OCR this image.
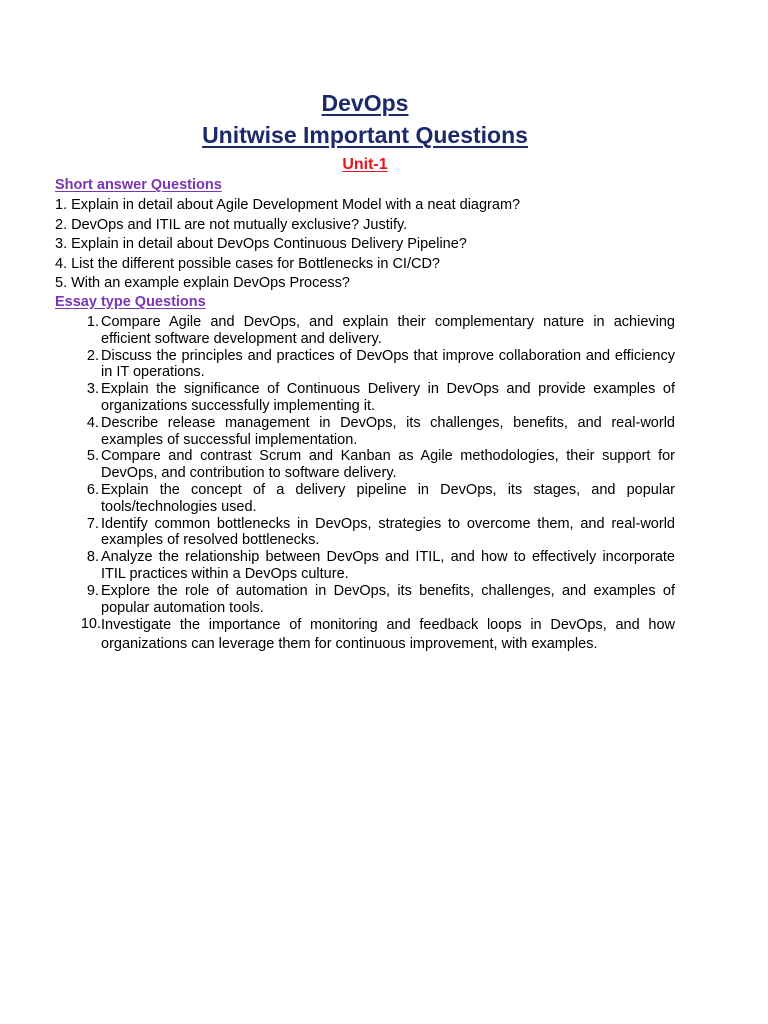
DevOps
Unitwise Important Questions
Unit-1
Short answer Questions
1. Explain in detail about Agile Development Model with a neat diagram?
2. DevOps and ITIL are not mutually exclusive? Justify.
3. Explain in detail about DevOps Continuous Delivery Pipeline?
4. List the different possible cases for Bottlenecks in CI/CD?
5. With an example explain DevOps Process?
Essay type Questions
1. Compare Agile and DevOps, and explain their complementary nature in achieving efficient software development and delivery.
2. Discuss the principles and practices of DevOps that improve collaboration and efficiency in IT operations.
3. Explain the significance of Continuous Delivery in DevOps and provide examples of organizations successfully implementing it.
4. Describe release management in DevOps, its challenges, benefits, and real-world examples of successful implementation.
5. Compare and contrast Scrum and Kanban as Agile methodologies, their support for DevOps, and contribution to software delivery.
6. Explain the concept of a delivery pipeline in DevOps, its stages, and popular tools/technologies used.
7. Identify common bottlenecks in DevOps, strategies to overcome them, and real-world examples of resolved bottlenecks.
8. Analyze the relationship between DevOps and ITIL, and how to effectively incorporate ITIL practices within a DevOps culture.
9. Explore the role of automation in DevOps, its benefits, challenges, and examples of popular automation tools.
10. Investigate the importance of monitoring and feedback loops in DevOps, and how organizations can leverage them for continuous improvement, with examples.
